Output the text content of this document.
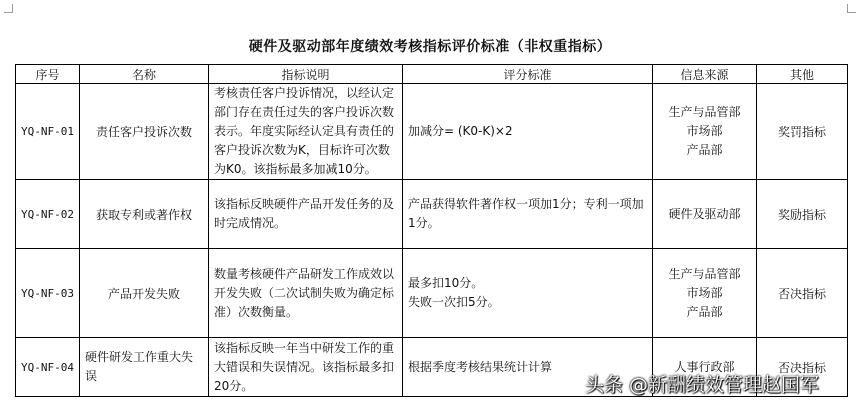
硬件及驱动部年度绩效考核指标评价标准（非权重指标）
序号	名称	指标说明	评分标准	信息来源	其他
YQ-NF-01	责任客户投诉次数	考核责任客户投诉情况，以经认定部门存在责任过失的客户投诉次数表示。年度实际经认定具有责任的客户投诉次数为K，目标许可次数为K0。该指标最多加减10分。	加减分= (K0-K)×2	生产与品管部
市场部
产品部	奖罚指标
YQ-NF-02	获取专利或著作权	该指标反映硬件产品开发任务的及时完成情况。	产品获得软件著作权一项加1分；专利一项加1分。	硬件及驱动部	奖励指标
YQ-NF-03	产品开发失败	数量考核硬件产品研发工作成效以开发失败（二次试制失败为确定标准）次数衡量。	最多扣10分。
失败一次扣5分。	生产与品管部
市场部
产品部	否决指标
YQ-NF-04	硬件研发工作重大失误	该指标反映一年当中研发工作的重大错误和失误情况。该指标最多扣20分。	根据季度考核结果统计计算	人事行政部	否决指标
头条 @新酬绩效管理赵国军
